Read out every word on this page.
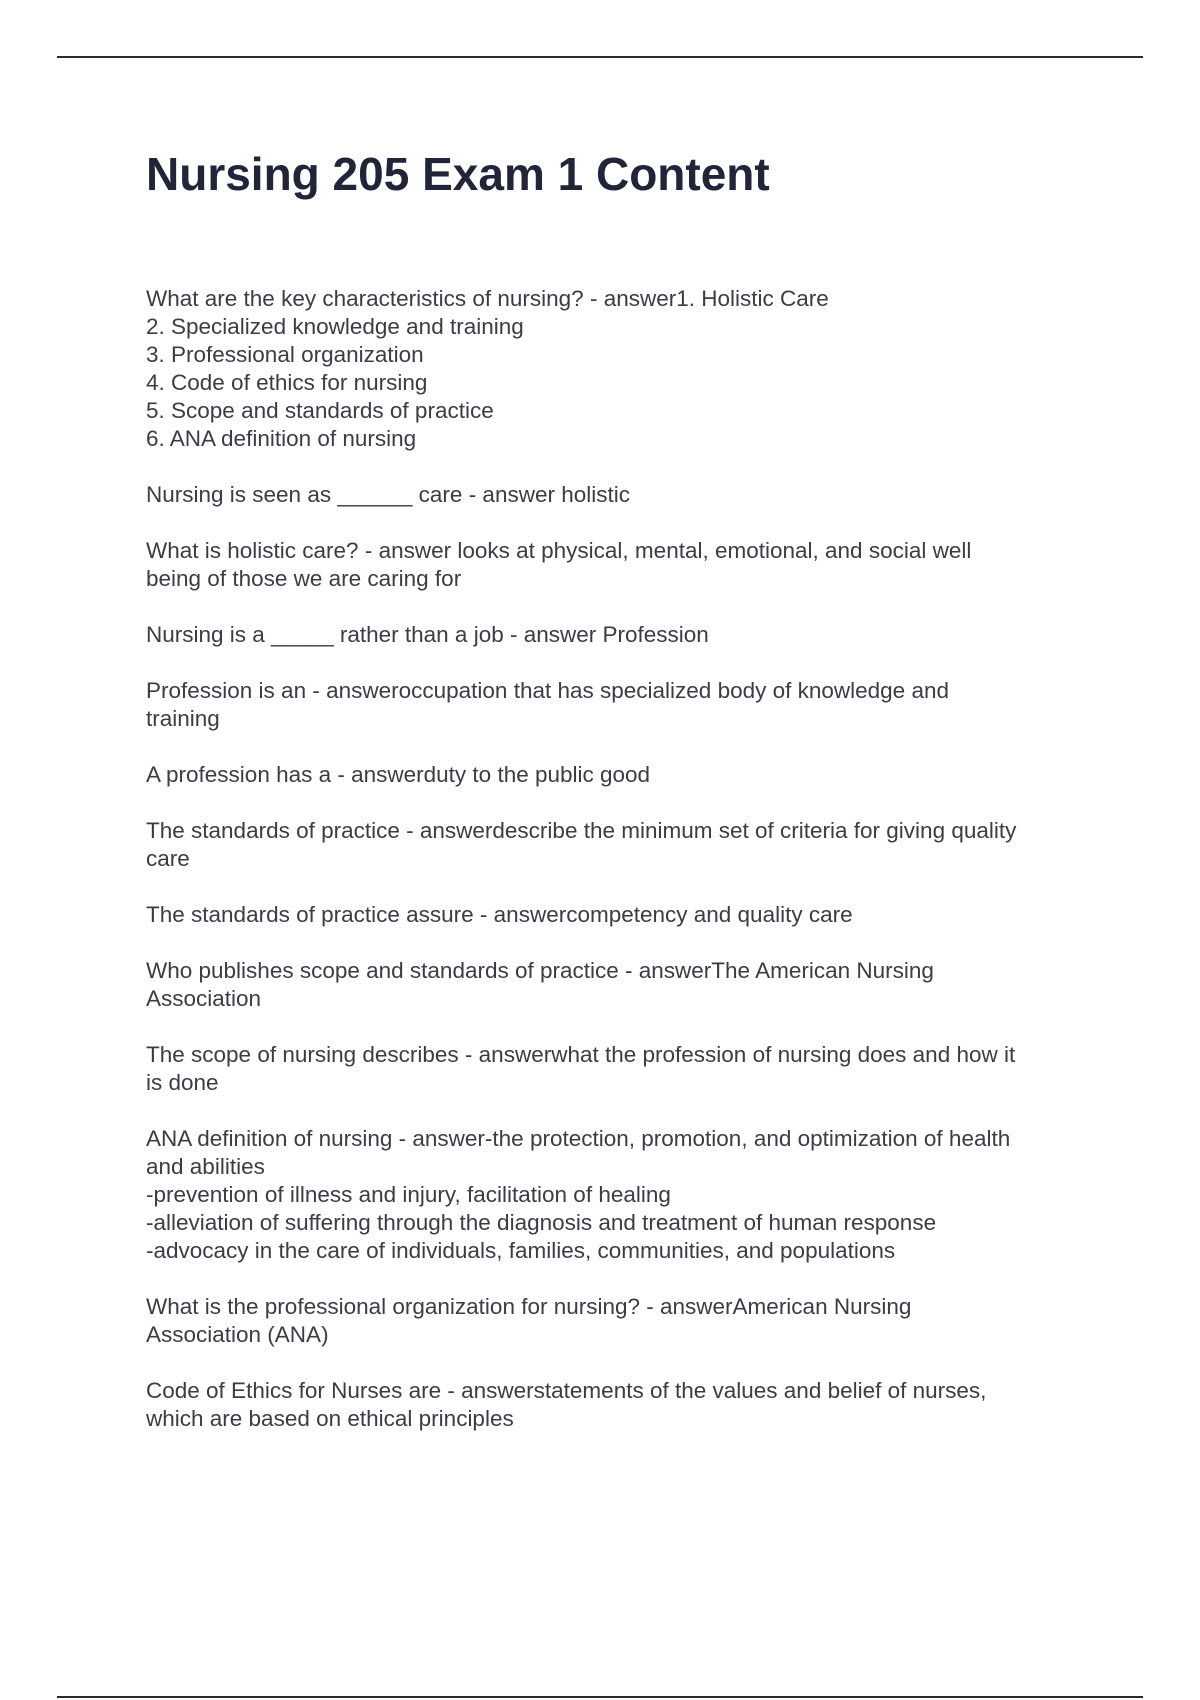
Nursing 205 Exam 1 Content
What are the key characteristics of nursing? - answer1. Holistic Care
2. Specialized knowledge and training
3. Professional organization
4. Code of ethics for nursing
5. Scope and standards of practice
6. ANA definition of nursing
Nursing is seen as ______ care - answer holistic
What is holistic care? - answer looks at physical, mental, emotional, and social well
being of those we are caring for
Nursing is a _____ rather than a job - answer Profession
Profession is an - answeroccupation that has specialized body of knowledge and
training
A profession has a - answerduty to the public good
The standards of practice - answerdescribe the minimum set of criteria for giving quality
care
The standards of practice assure - answercompetency and quality care
Who publishes scope and standards of practice - answerThe American Nursing
Association
The scope of nursing describes - answerwhat the profession of nursing does and how it
is done
ANA definition of nursing - answer-the protection, promotion, and optimization of health
and abilities
-prevention of illness and injury, facilitation of healing
-alleviation of suffering through the diagnosis and treatment of human response
-advocacy in the care of individuals, families, communities, and populations
What is the professional organization for nursing? - answerAmerican Nursing
Association (ANA)
Code of Ethics for Nurses are - answerstatements of the values and belief of nurses,
which are based on ethical principles
